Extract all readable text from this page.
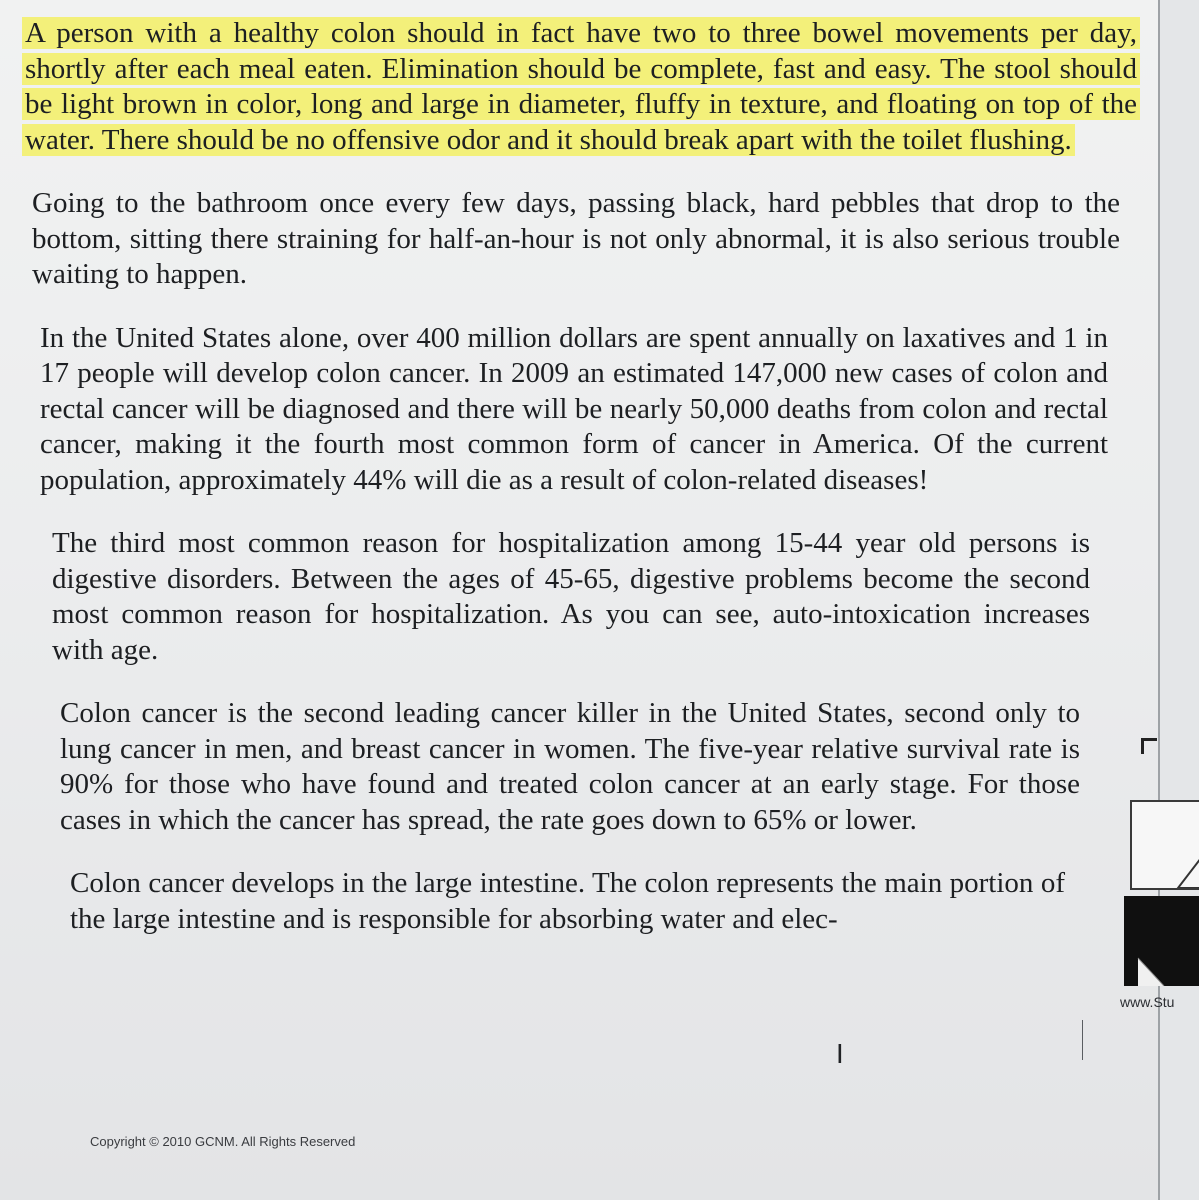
A person with a healthy colon should in fact have two to three bowel movements per day, shortly after each meal eaten. Elimination should be complete, fast and easy. The stool should be light brown in color, long and large in diameter, fluffy in texture, and floating on top of the water. There should be no offensive odor and it should break apart with the toilet flushing.

Going to the bathroom once every few days, passing black, hard pebbles that drop to the bottom, sitting there straining for half-an-hour is not only abnormal, it is also serious trouble waiting to happen.

In the United States alone, over 400 million dollars are spent annually on laxatives and 1 in 17 people will develop colon cancer. In 2009 an estimated 147,000 new cases of colon and rectal cancer will be diagnosed and there will be nearly 50,000 deaths from colon and rectal cancer, making it the fourth most common form of cancer in America. Of the current population, approximately 44% will die as a result of colon-related diseases!

The third most common reason for hospitalization among 15-44 year old persons is digestive disorders. Between the ages of 45-65, digestive problems become the second most common reason for hospitalization. As you can see, auto-intoxication increases with age.

Colon cancer is the second leading cancer killer in the United States, second only to lung cancer in men, and breast cancer in women. The five-year relative survival rate is 90% for those who have found and treated colon cancer at an early stage. For those cases in which the cancer has spread, the rate goes down to 65% or lower.

Colon cancer develops in the large intestine. The colon represents the main portion of the large intestine and is responsible for absorbing water and elec-

I
Copyright © 2010 GCNM. All Rights Reserved
www.Stu
